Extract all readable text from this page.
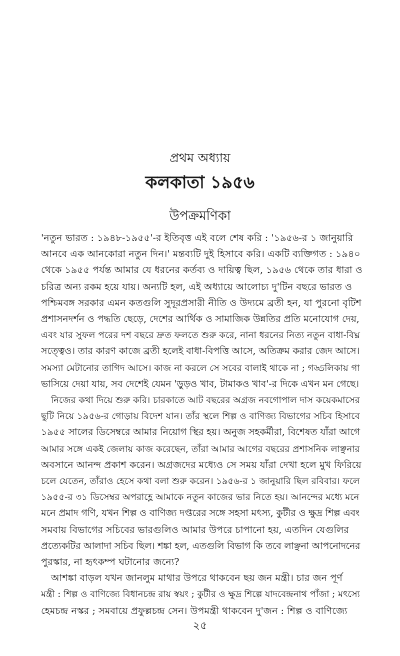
প্রথম অধ্যায়
কলকাতা ১৯৫৬
উপক্রমণিকা
'নতুন ভারত : ১৯৪৮-১৯৫৫'-র ইতিবৃত্ত এই বলে শেষ করি : '১৯৫৬-র ১ জানুয়ারি
আনবে এক আনকোরা নতুন দিন।' মন্তব্যটি দুই হিসাবে করি। একটি ব্যক্তিগত : ১৯৪০
থেকে ১৯৫৫ পর্যন্ত আমার যে ধরনের কর্তব্য ও দায়িত্ব ছিল, ১৯৫৬ থেকে তার ধারা ও
চরিত্র অন্য রকম হয়ে যায়। অন্যটি হল, এই অধ্যায়ে আলোচ্য দু'টিন বছরে ভারত ও
পশ্চিমবঙ্গ সরকার এমন কতগুলি সুদূরপ্রসারী নীতি ও উদ্যমে ব্রতী হন, যা পুরনো বৃটিশ
প্রশাসনদর্শন ও পদ্ধতি ছেড়ে, দেশের আর্থিক ও সামাজিক উন্নতির প্রতি মনোযোগ দেয়,
এবং যার সুফল পরের দশ বছরে দ্রুত ফলতে শুরু করে, নানা ধরনের নিত্য নতুন বাধা-বিঘ্ন
সত্ত্বেও। তার কারণ কাজে ব্রতী হলেই বাধা-বিপত্তি আসে, অতিক্রম করার জেদ আসে।
সমস্যা মেটানোর তাগিদ আসে। কাজ না করলে সে সবের বালাই থাকে না ; গড্ডলিকায় গা
ভাসিয়ে দেয়া যায়, সব দেশেই যেমন 'ড়ুড়ও খাব, টামাকও খাব'-র দিকে এখন মন গেছে।
নিজের কথা দিয়ে শুরু করি। চারকাতে আট বছরের অগ্রজ নবগোপাল দাস কয়েকমাসের
ছুটি নিয়ে ১৯৫৬-র গোড়ায় বিদেশ যান। তাঁর স্থলে শিল্প ও বাণিজ্য বিভাগের সচিব হিসাবে
১৯৫৫ সালের ডিসেম্বরে আমার নিয়োগ স্থির হয়। অনুজ সহকর্মীরা, বিশেষত যাঁরা আগে
আমার সঙ্গে একই জেলায় কাজ করেছেন, তাঁরা আমার আগের বছরের প্রশাসনিক লাঞ্ছনার
অবসানে আনন্দ প্রকাশ করেন। অগ্রজদের মধ্যেও সে সময় যাঁরা দেখা হলে মুখ ফিরিয়ে
চলে যেতেন, তাঁরাও হেসে কথা বলা শুরু করেন। ১৯৫৬-র ১ জানুয়ারি ছিল রবিবার। ফলে
১৯৫৫-র ৩১ ডিসেম্বর অপরাহ্ণে আমাকে নতুন কাজের ভার নিতে হয়। আনন্দের মধ্যে মনে
মনে প্রমাদ গণি, যখন শিল্প ও বাণিজ্য দপ্তরের সঙ্গে সহসা মৎস্য, কুটীর ও ক্ষুদ্র শিল্প এবং
সমবায় বিভাগের সচিবের ভারগুলিও আমার উপরে চাপানো হয়, এতদিন যেগুলির
প্রত্যেকটির আলাদা সচিব ছিল। শঙ্কা হল, এতগুলি বিভাগ কি তবে লাঞ্ছনা আপনোদনের
পুরস্কার, না হৃৎকম্প ঘটানোর জন্যে?
আশঙ্কা বাড়ল যখন জানলুম মাথার উপরে থাকবেন ছয় জন মন্ত্রী। চার জন পূর্ণ
মন্ত্রী : শিল্প ও বাণিজ্যে বিধানচন্দ্র রায় স্বয়ং ; কুটীর ও ক্ষুদ্র শিল্পে যাদবেন্দ্রনাথ পাঁজা ; মৎস্যে
হেমচন্দ্র নস্কর ; সমবায়ে প্রফুল্লচন্দ্র সেন। উপমন্ত্রী থাকবেন দু'জন : শিল্প ও বাণিজ্যে
২৫
